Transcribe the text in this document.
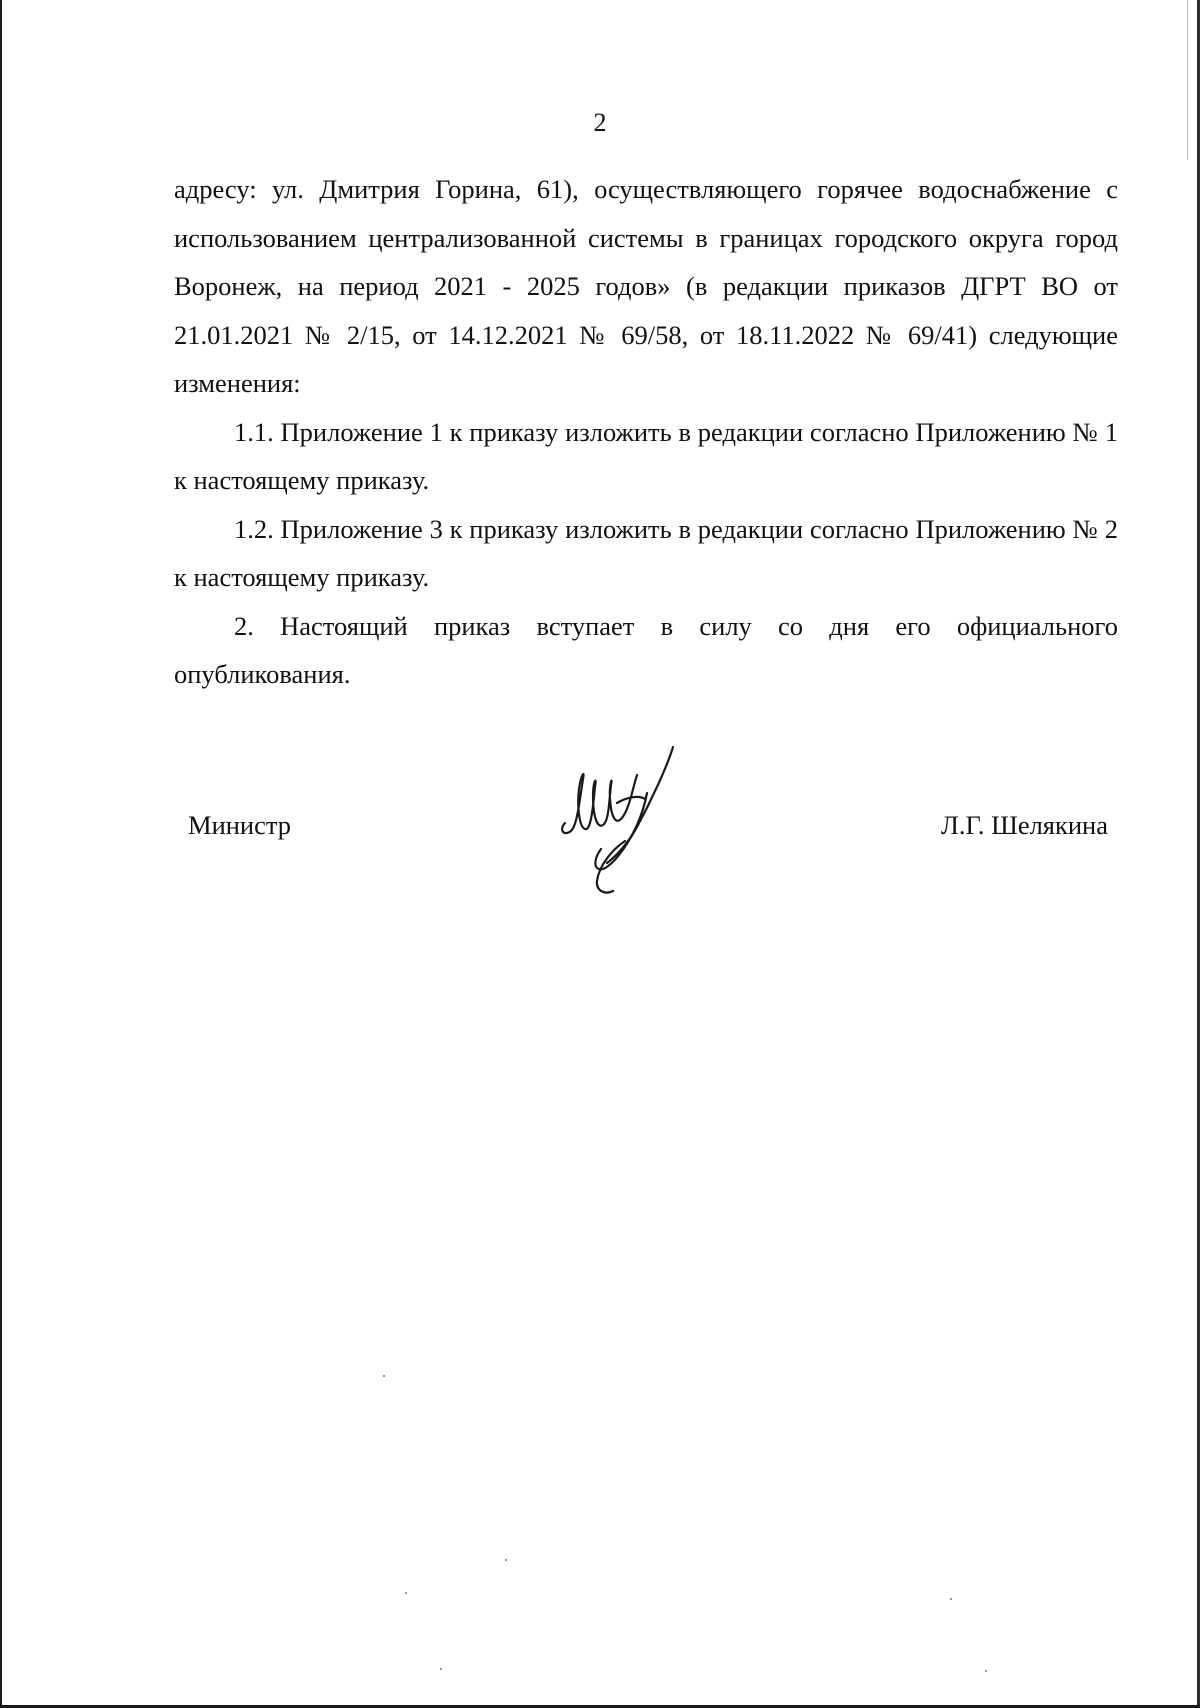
2

адресу: ул. Дмитрия Горина, 61), осуществляющего горячее водоснабжение с использованием централизованной системы в границах городского округа город Воронеж, на период 2021 - 2025 годов» (в редакции приказов ДГРТ ВО от 21.01.2021 № 2/15, от 14.12.2021 № 69/58, от 18.11.2022 № 69/41) следующие изменения:

1.1. Приложение 1 к приказу изложить в редакции согласно Приложению № 1 к настоящему приказу.

1.2. Приложение 3 к приказу изложить в редакции согласно Приложению № 2 к настоящему приказу.

2. Настоящий приказ вступает в силу со дня его официального опубликования.

Министр	Л.Г. Шелякина
